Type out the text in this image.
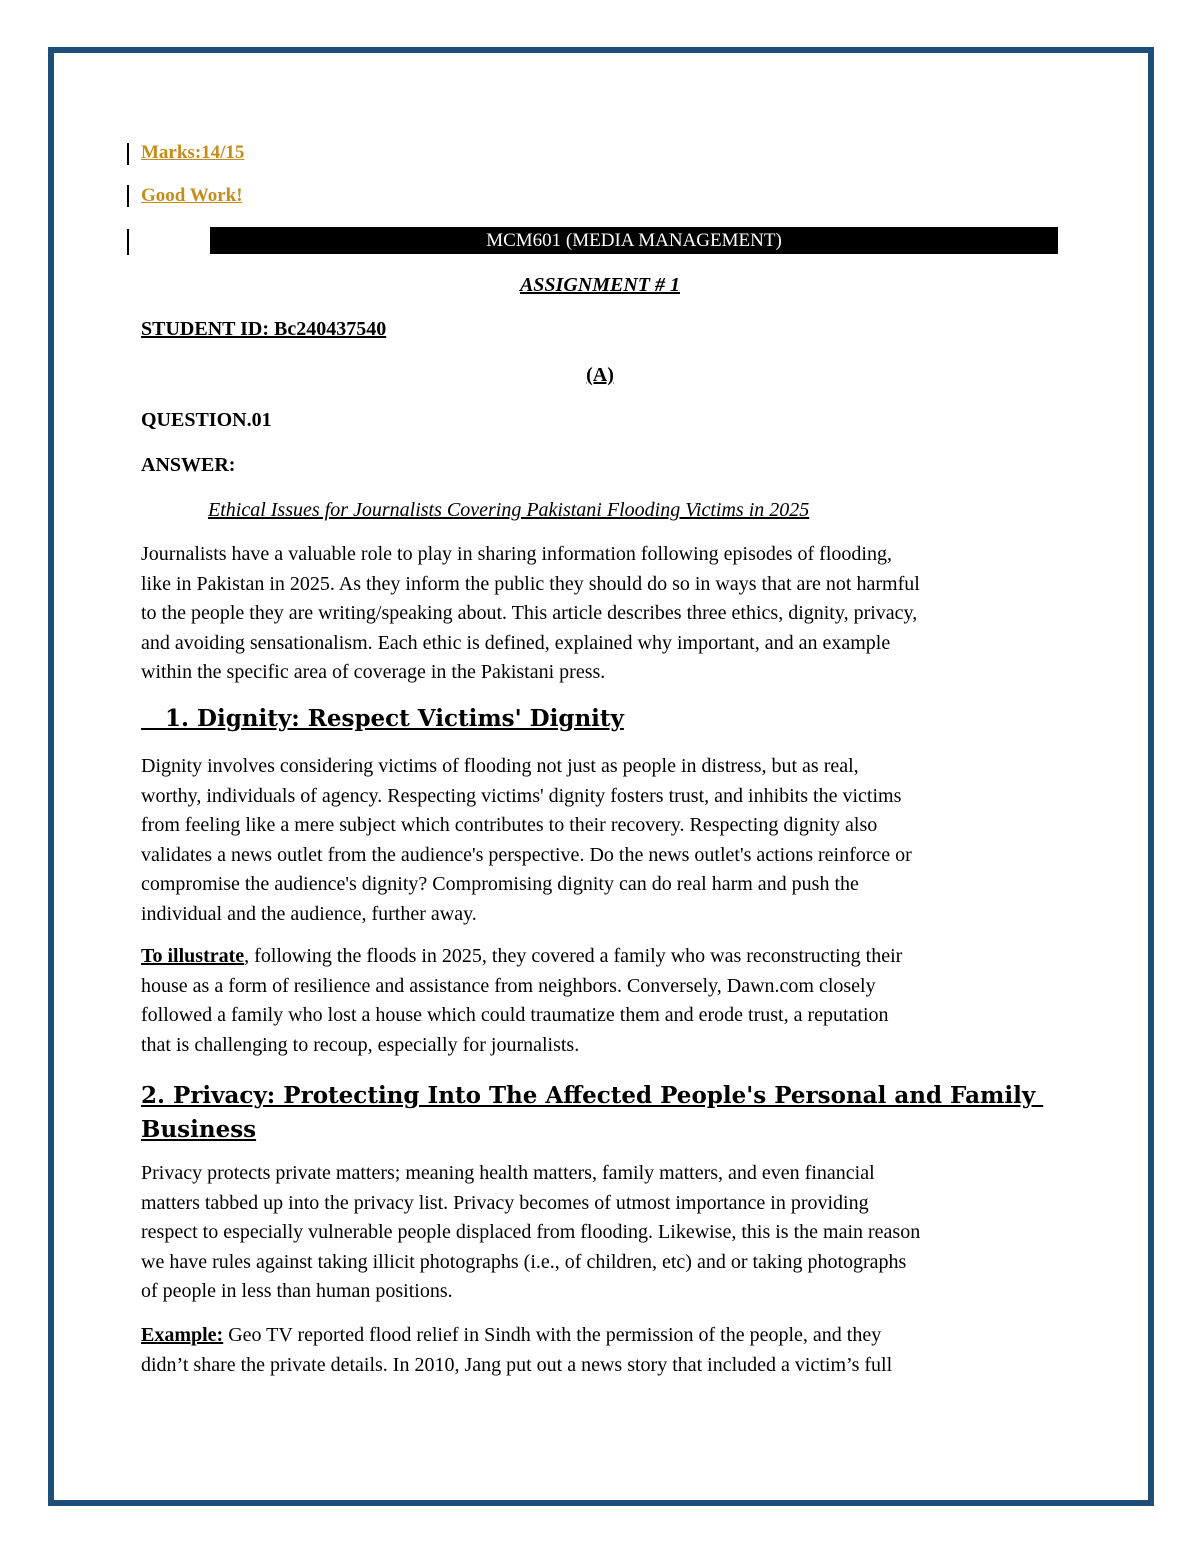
Marks:14/15
Good Work!
MCM601 (MEDIA MANAGEMENT)
ASSIGNMENT # 1
STUDENT ID: Bc240437540
(A)
QUESTION.01
ANSWER:
Ethical Issues for Journalists Covering Pakistani Flooding Victims in 2025
Journalists have a valuable role to play in sharing information following episodes of flooding,
like in Pakistan in 2025. As they inform the public they should do so in ways that are not harmful
to the people they are writing/speaking about. This article describes three ethics, dignity, privacy,
and avoiding sensationalism. Each ethic is defined, explained why important, and an example
within the specific area of coverage in the Pakistani press.
1. Dignity: Respect Victims' Dignity
Dignity involves considering victims of flooding not just as people in distress, but as real,
worthy, individuals of agency. Respecting victims' dignity fosters trust, and inhibits the victims
from feeling like a mere subject which contributes to their recovery. Respecting dignity also
validates a news outlet from the audience's perspective. Do the news outlet's actions reinforce or
compromise the audience's dignity? Compromising dignity can do real harm and push the
individual and the audience, further away.
To illustrate, following the floods in 2025, they covered a family who was reconstructing their
house as a form of resilience and assistance from neighbors. Conversely, Dawn.com closely
followed a family who lost a house which could traumatize them and erode trust, a reputation
that is challenging to recoup, especially for journalists.
2. Privacy: Protecting Into The Affected People's Personal and Family
Business
Privacy protects private matters; meaning health matters, family matters, and even financial
matters tabbed up into the privacy list. Privacy becomes of utmost importance in providing
respect to especially vulnerable people displaced from flooding. Likewise, this is the main reason
we have rules against taking illicit photographs (i.e., of children, etc) and or taking photographs
of people in less than human positions.
Example: Geo TV reported flood relief in Sindh with the permission of the people, and they
didn’t share the private details. In 2010, Jang put out a news story that included a victim’s full
